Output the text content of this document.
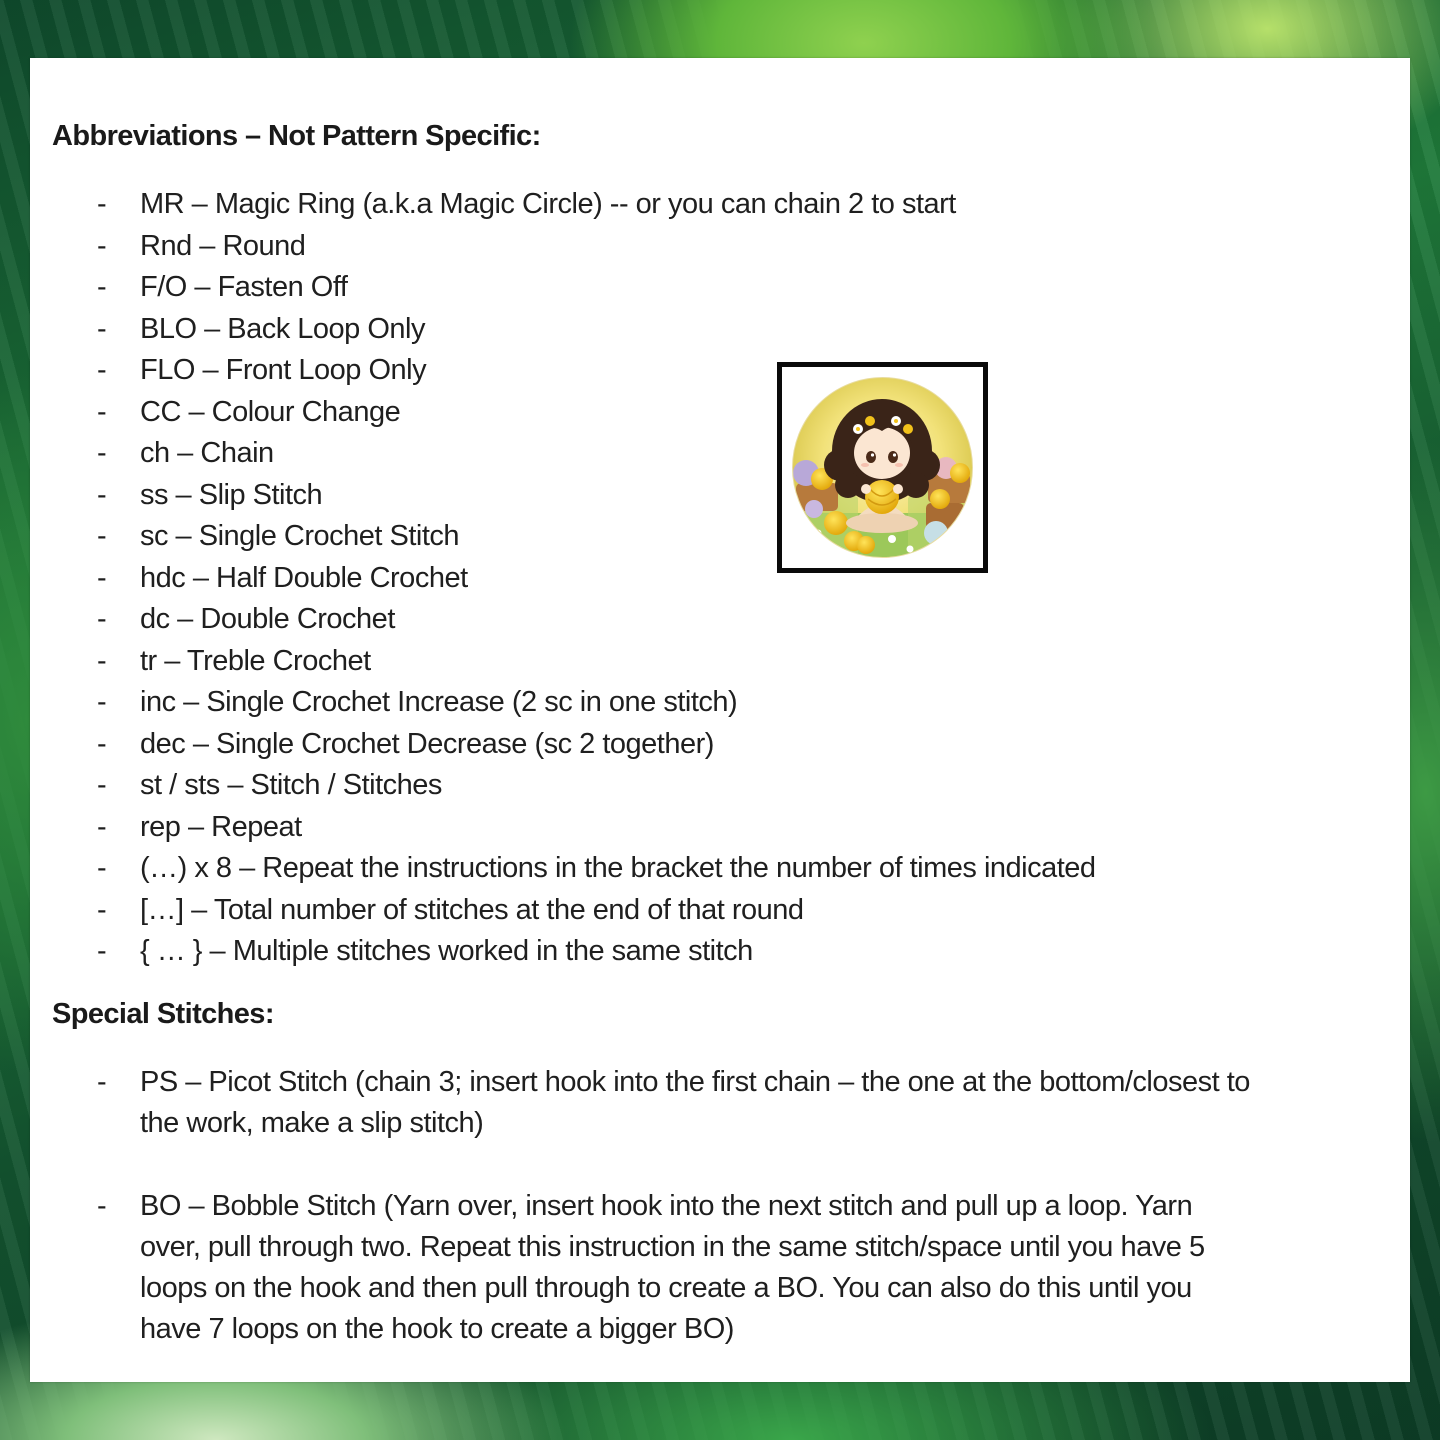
Abbreviations – Not Pattern Specific:
- MR – Magic Ring (a.k.a Magic Circle) -- or you can chain 2 to start
- Rnd – Round
- F/O – Fasten Off
- BLO – Back Loop Only
- FLO – Front Loop Only
- CC – Colour Change
- ch – Chain
- ss – Slip Stitch
- sc – Single Crochet Stitch
- hdc – Half Double Crochet
- dc – Double Crochet
- tr – Treble Crochet
- inc – Single Crochet Increase (2 sc in one stitch)
- dec – Single Crochet Decrease (sc 2 together)
- st / sts – Stitch / Stitches
- rep – Repeat
- (…) x 8 – Repeat the instructions in the bracket the number of times indicated
- […] – Total number of stitches at the end of that round
- { … } – Multiple stitches worked in the same stitch
Special Stitches:
- PS – Picot Stitch (chain 3; insert hook into the first chain – the one at the bottom/closest to the work, make a slip stitch)
- BO – Bobble Stitch (Yarn over, insert hook into the next stitch and pull up a loop. Yarn over, pull through two. Repeat this instruction in the same stitch/space until you have 5 loops on the hook and then pull through to create a BO. You can also do this until you have 7 loops on the hook to create a bigger BO)
